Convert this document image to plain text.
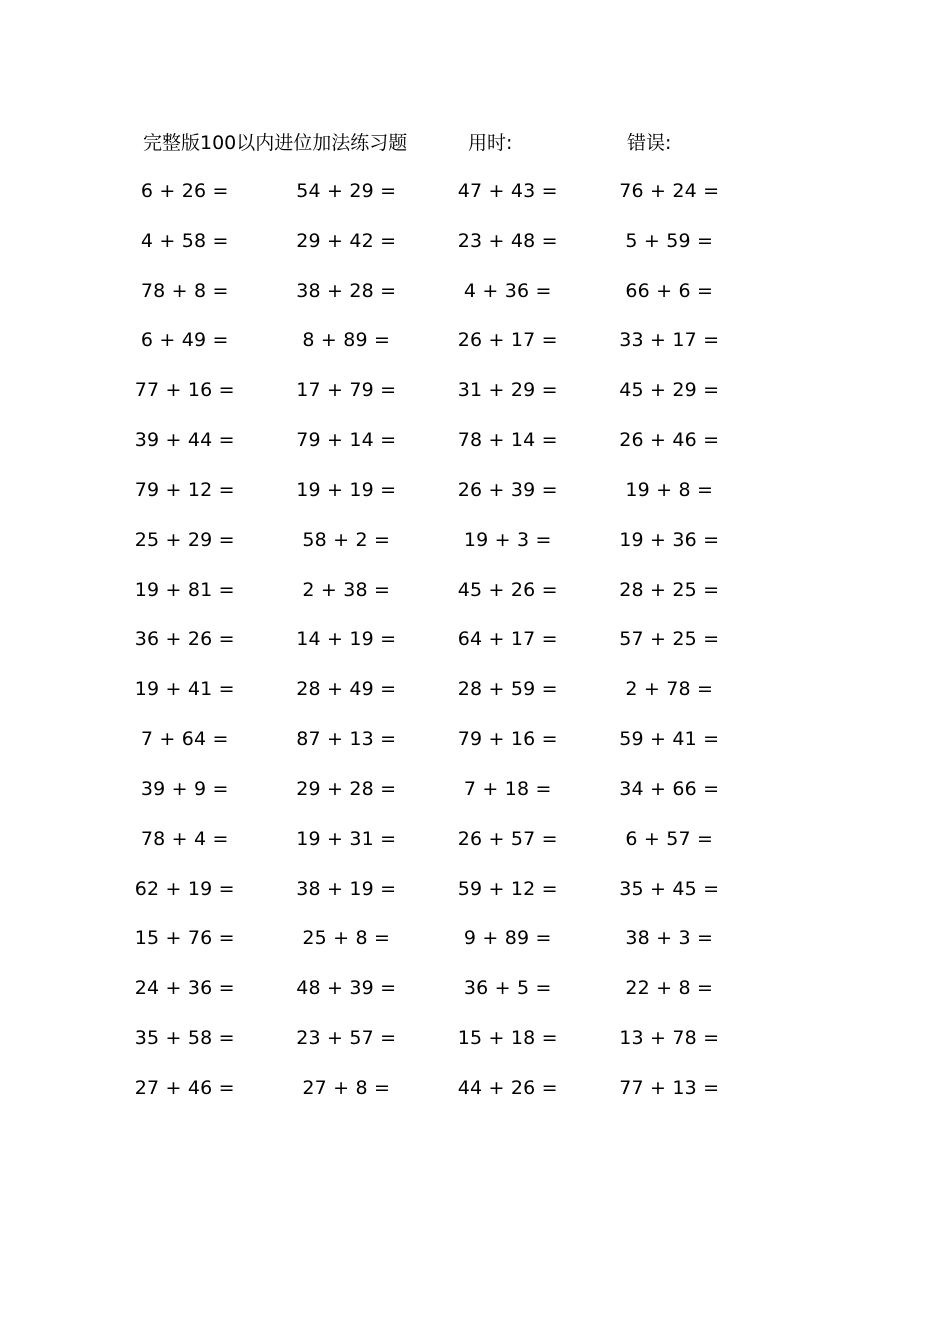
完整版100以内进位加法练习题	用时:	错误:
6 + 26 =	54 + 29 =	47 + 43 =	76 + 24 =
4 + 58 =	29 + 42 =	23 + 48 =	5 + 59 =
78 + 8 =	38 + 28 =	4 + 36 =	66 + 6 =
6 + 49 =	8 + 89 =	26 + 17 =	33 + 17 =
77 + 16 =	17 + 79 =	31 + 29 =	45 + 29 =
39 + 44 =	79 + 14 =	78 + 14 =	26 + 46 =
79 + 12 =	19 + 19 =	26 + 39 =	19 + 8 =
25 + 29 =	58 + 2 =	19 + 3 =	19 + 36 =
19 + 81 =	2 + 38 =	45 + 26 =	28 + 25 =
36 + 26 =	14 + 19 =	64 + 17 =	57 + 25 =
19 + 41 =	28 + 49 =	28 + 59 =	2 + 78 =
7 + 64 =	87 + 13 =	79 + 16 =	59 + 41 =
39 + 9 =	29 + 28 =	7 + 18 =	34 + 66 =
78 + 4 =	19 + 31 =	26 + 57 =	6 + 57 =
62 + 19 =	38 + 19 =	59 + 12 =	35 + 45 =
15 + 76 =	25 + 8 =	9 + 89 =	38 + 3 =
24 + 36 =	48 + 39 =	36 + 5 =	22 + 8 =
35 + 58 =	23 + 57 =	15 + 18 =	13 + 78 =
27 + 46 =	27 + 8 =	44 + 26 =	77 + 13 =
